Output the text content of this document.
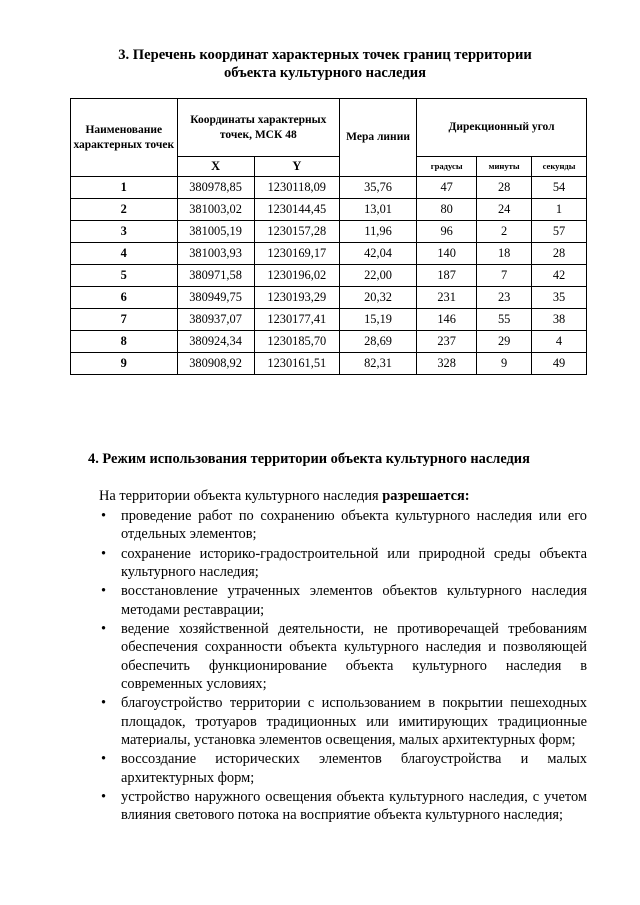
3. Перечень координат характерных точек границ территории
объекта культурного наследия
Наименование характерных точек	Координаты характерных точек, МСК 48		Мера линии	Дирекционный угол		
	X	Y		градусы	минуты	секунды
1	380978,85	1230118,09	35,76	47	28	54
2	381003,02	1230144,45	13,01	80	24	1
3	381005,19	1230157,28	11,96	96	2	57
4	381003,93	1230169,17	42,04	140	18	28
5	380971,58	1230196,02	22,00	187	7	42
6	380949,75	1230193,29	20,32	231	23	35
7	380937,07	1230177,41	15,19	146	55	38
8	380924,34	1230185,70	28,69	237	29	4
9	380908,92	1230161,51	82,31	328	9	49
4. Режим использования территории объекта культурного наследия
На территории объекта культурного наследия разрешается:
• проведение работ по сохранению объекта культурного наследия или его отдельных элементов;
• сохранение историко-градостроительной или природной среды объекта культурного наследия;
• восстановление утраченных элементов объектов культурного наследия методами реставрации;
• ведение хозяйственной деятельности, не противоречащей требованиям обеспечения сохранности объекта культурного наследия и позволяющей обеспечить функционирование объекта культурного наследия в современных условиях;
• благоустройство территории с использованием в покрытии пешеходных площадок, тротуаров традиционных или имитирующих традиционные материалы, установка элементов освещения, малых архитектурных форм;
• воссоздание исторических элементов благоустройства и малых архитектурных форм;
• устройство наружного освещения объекта культурного наследия, с учетом влияния светового потока на восприятие объекта культурного наследия;
